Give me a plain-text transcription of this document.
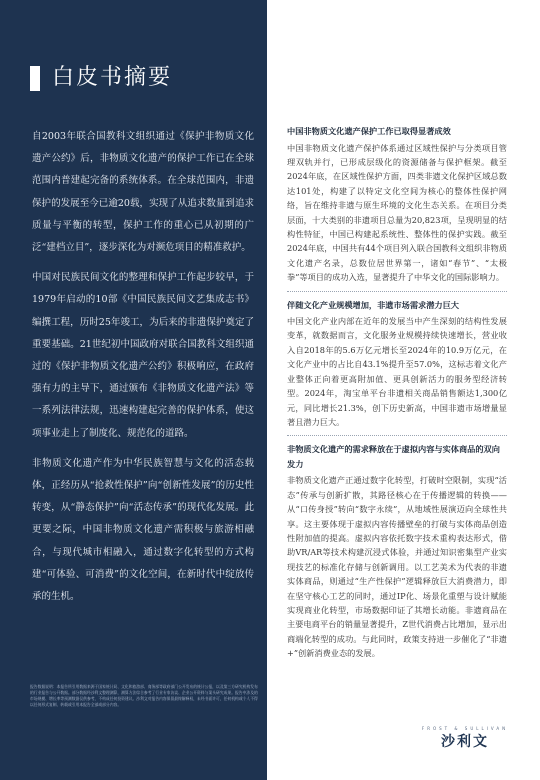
白皮书摘要

自2003年联合国教科文组织通过《保护非物质文化遗产公约》后，非物质文化遗产的保护工作已在全球范围内普建起完备的系统体系。在全球范围内，非遗保护的发展至今已逾20载，实现了从追求数量到追求质量与平衡的转型，保护工作的重心已从初期的广泛“建档立目”，逐步深化为对濒危项目的精准救护。

中国对民族民间文化的整理和保护工作起步较早，于1979年启动的10部《中国民族民间文艺集成志书》编撰工程，历时25年竣工，为后来的非遗保护奠定了重要基础。21世纪初中国政府对联合国教科文组织通过的《保护非物质文化遗产公约》积极响应，在政府强有力的主导下，通过颁布《非物质文化遗产法》等一系列法律法规，迅速构建起完善的保护体系，使这项事业走上了制度化、规范化的道路。

非物质文化遗产作为中华民族智慧与文化的活态载体，正经历从“抢救性保护”向“创新性发展”的历史性转变，从“静态保护”向“活态传承”的现代化发展。此更要之际，中国非物质文化遗产需积极与旅游相融合，与现代城市相融入，通过数字化转型的方式构建“可体验、可消费”的文化空间，在新时代中绽放传承的生机。

报告数据说明：本报告所引用数据来源于国家统计局、文化和旅游部、商务部等政府部门公开发布的统计公报，以及第三方研究机构发布的行业报告与公开数据。部分数据经沙利文整理测算，测算方法综合参考了行业专家访谈、企业公开资料与案头研究成果。报告中涉及的市场规模、增长率等预测数据仅供参考，不构成任何投资建议。沙利文对报告内容保留最终解释权，未经书面许可，任何机构或个人不得以任何形式复制、转载或引用本报告全部或部分内容。
中国非物质文化遗产保护工作已取得显著成效

中国非物质文化遗产保护体系通过区域性保护与分类项目管理双轨并行，已形成层级化的资源储备与保护框架。截至2024年底，在区域性保护方面，四类非遗文化保护区域总数达101处，构建了以特定文化空间为核心的整体性保护网络，旨在维持非遗与原生环境的文化生态关系。在项目分类层面，十大类别的非遗项目总量为20,823项，呈现明显的结构性特征，中国已构建起系统性、整体性的保护实践。截至2024年底，中国共有44个项目列入联合国教科文组织非物质文化遗产名录，总数位居世界第一，诸如“春节”、“太极拳”等项目的成功入选，显著提升了中华文化的国际影响力。

伴随文化产业规模增加，非遗市场需求潜力巨大

中国文化产业内部在近年的发展当中产生深刻的结构性发展变革，就数据而言，文化服务业规模持续快速增长，营业收入自2018年的5.6万亿元增长至2024年的10.9万亿元，在文化产业中的占比自43.1%提升至57.0%，这标志着文化产业整体正向着更高附加值、更具创新活力的服务型经济转型。2024年，淘宝单平台非遗相关商品销售额达1,300亿元，同比增长21.3%，创下历史新高，中国非遗市场增量显著且潜力巨大。

非物质文化遗产的需求释放在于虚拟内容与实体商品的双向发力

非物质文化遗产正通过数字化转型，打破时空限制，实现“活态”传承与创新扩散，其路径核心在于传播逻辑的转换——从“口传身授”转向“数字永续”，从地域性展演迈向全球性共享。这主要体现于虚拟内容传播壁垒的打破与实体商品创造性附加值的提高。虚拟内容依托数字技术重构表达形式，借助VR/AR等技术构建沉浸式体验，并通过知识密集型产业实现技艺的标准化存储与创新调用。以工艺美术为代表的非遗实体商品，则通过“生产性保护”逻辑释放巨大消费潜力，即在坚守核心工艺的同时，通过IP化、场景化重塑与设计赋能实现商业化转型，市场数据印证了其增长动能。非遗商品在主要电商平台的销量显著提升，Z世代消费占比增加，显示出商端化转型的成功。与此同时，政策支持进一步催化了“非遗+”创新消费业态的发展。

FROST & SULLIVAN
沙利文
